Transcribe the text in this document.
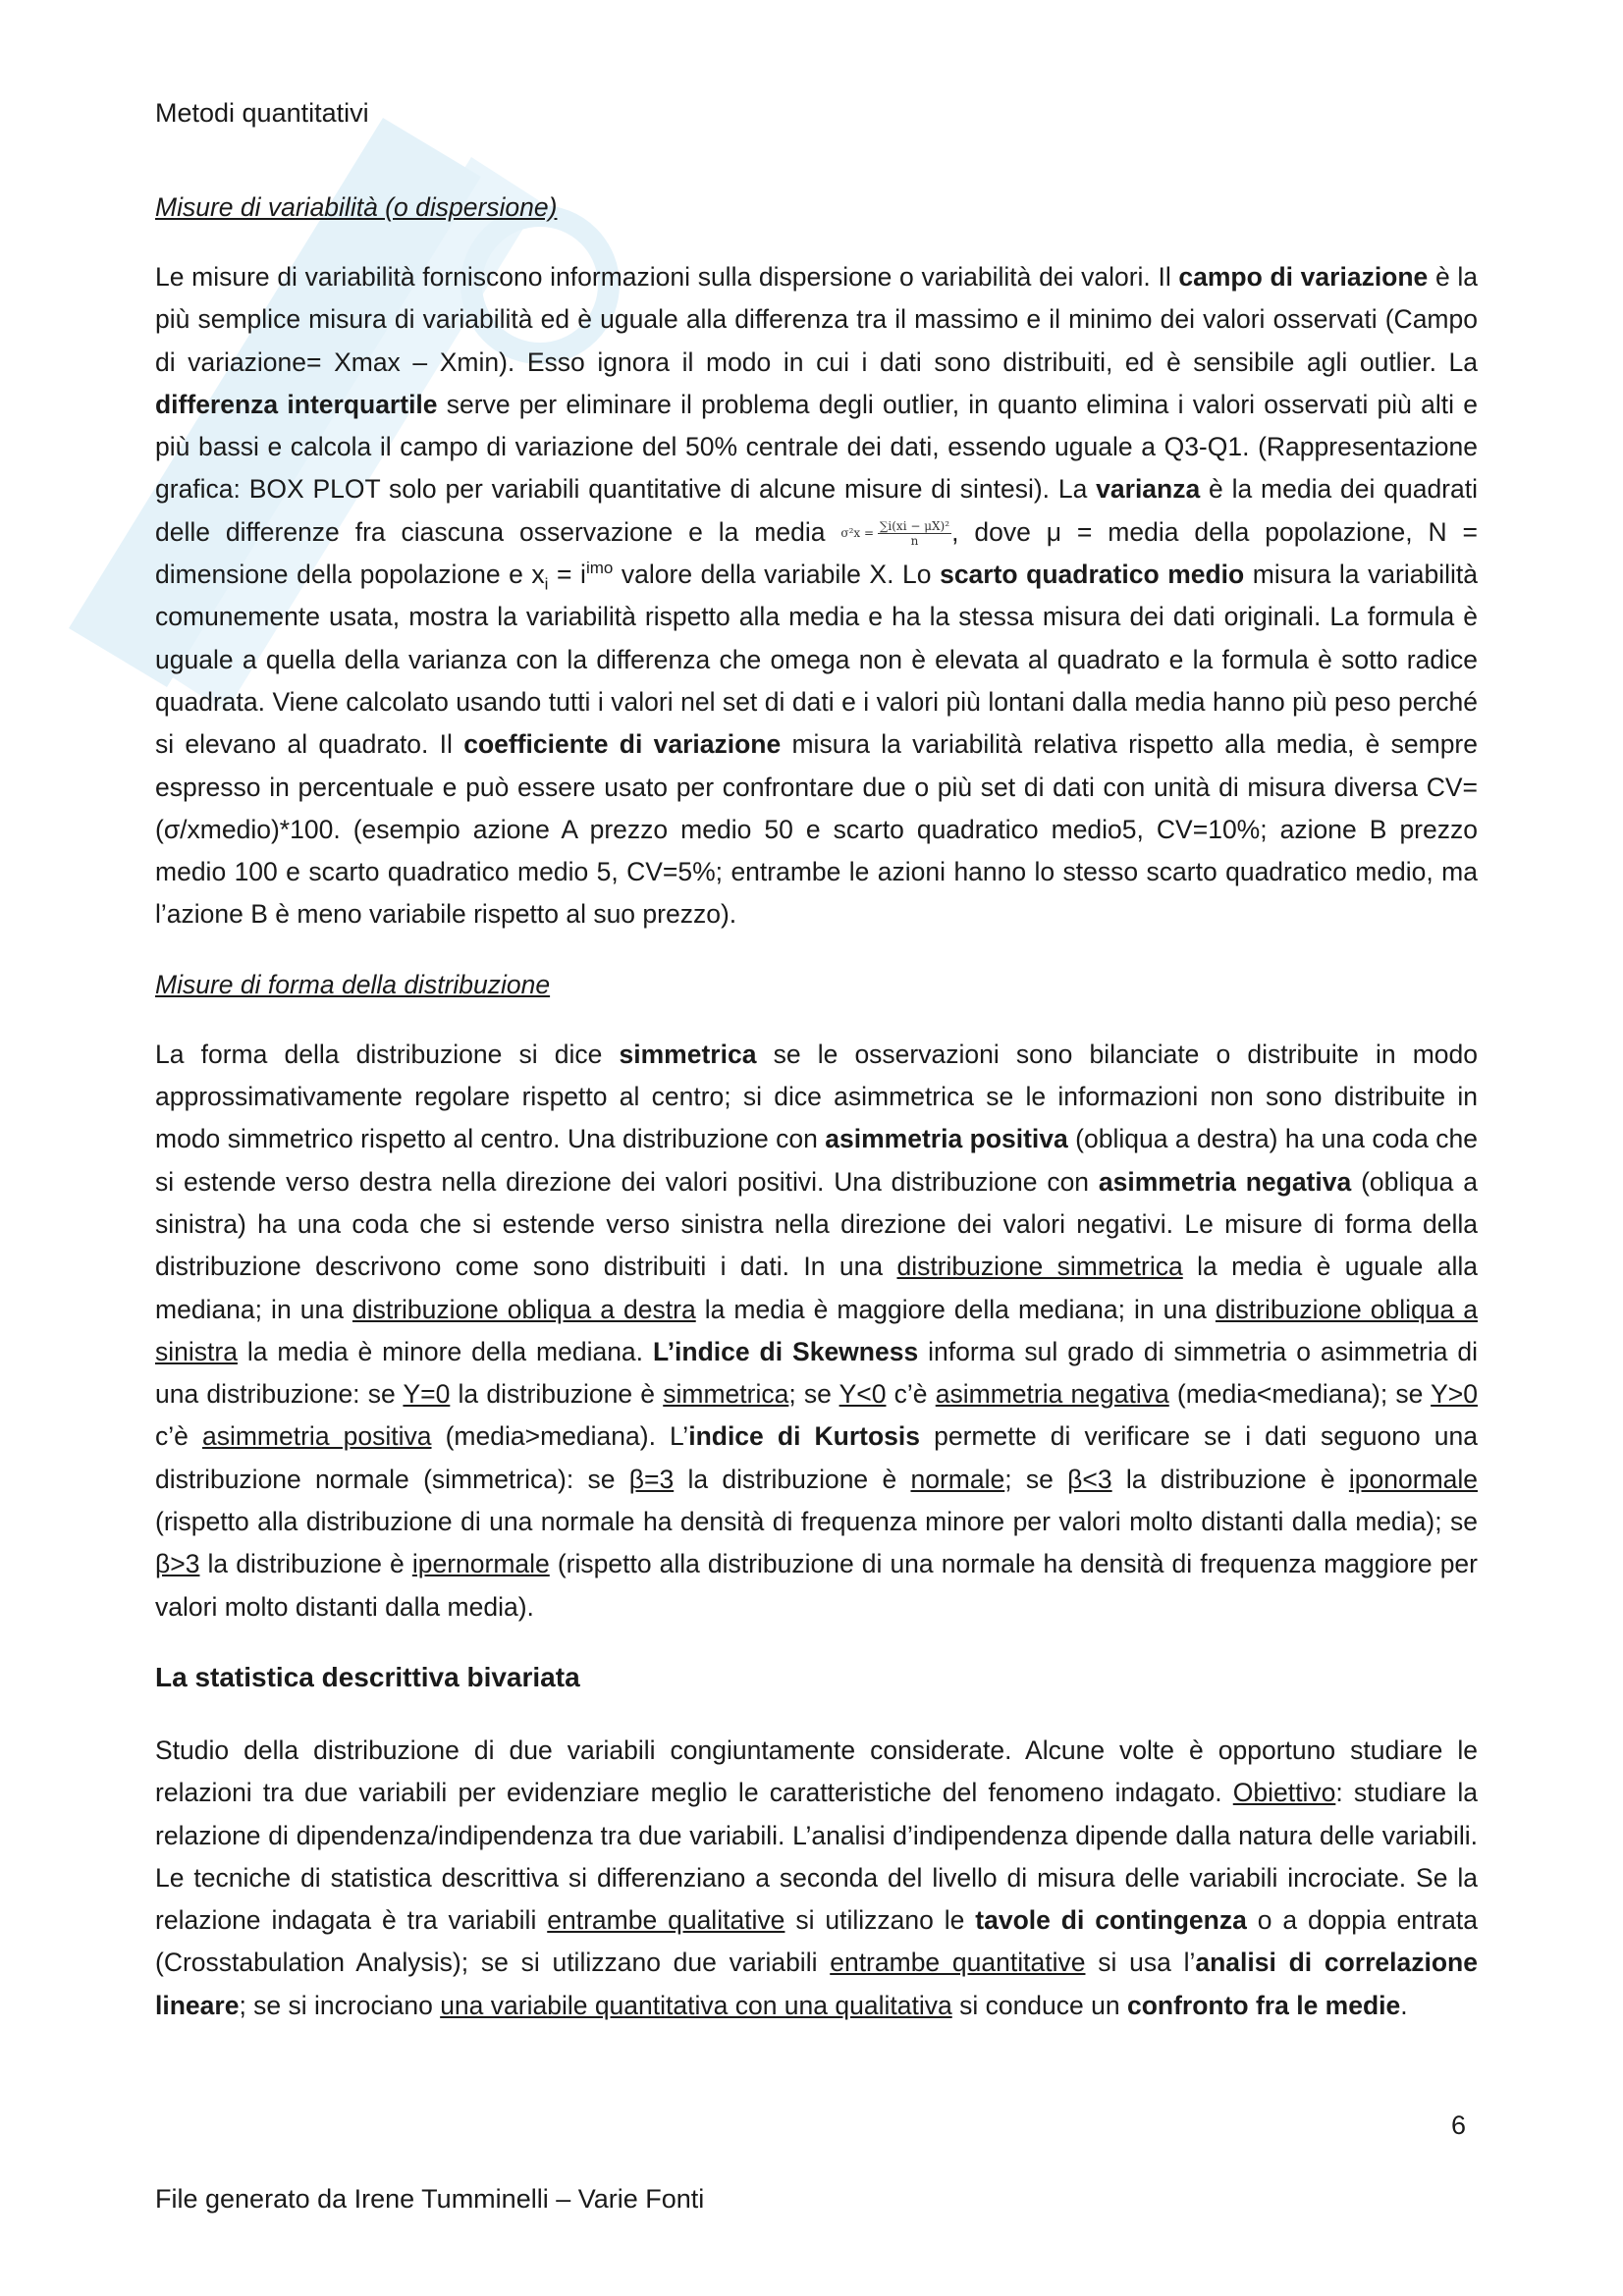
Metodi quantitativi

Misure di variabilità (o dispersione)

Le misure di variabilità forniscono informazioni sulla dispersione o variabilità dei valori. Il campo di variazione è la più semplice misura di variabilità ed è uguale alla differenza tra il massimo e il minimo dei valori osservati (Campo di variazione= Xmax – Xmin). Esso ignora il modo in cui i dati sono distribuiti, ed è sensibile agli outlier. La differenza interquartile serve per eliminare il problema degli outlier, in quanto elimina i valori osservati più alti e più bassi e calcola il campo di variazione del 50% centrale dei dati, essendo uguale a Q3-Q1. (Rappresentazione grafica: BOX PLOT solo per variabili quantitative di alcune misure di sintesi). La varianza è la media dei quadrati delle differenze fra ciascuna osservazione e la media $\sigma^2x = \frac{\text{∑i(xi − μX)²}}{n}$ , dove μ = media della popolazione, N = dimensione della popolazione e $x_i = i^{imo}$ valore della variabile X. Lo scarto quadratico medio misura la variabilità comunemente usata, mostra la variabilità rispetto alla media e ha la stessa misura dei dati originali. La formula è uguale a quella della varianza con la differenza che omega non è elevata al quadrato e la formula è sotto radice quadrata. Viene calcolato usando tutti i valori nel set di dati e i valori più lontani dalla media hanno più peso perché si elevano al quadrato. Il coefficiente di variazione misura la variabilità relativa rispetto alla media, è sempre espresso in percentuale e può essere usato per confrontare due o più set di dati con unità di misura diversa CV= (σ/xmedio)*100. (esempio azione A prezzo medio 50 e scarto quadratico medio5, CV=10%; azione B prezzo medio 100 e scarto quadratico medio 5, CV=5%; entrambe le azioni hanno lo stesso scarto quadratico medio, ma l’azione B è meno variabile rispetto al suo prezzo).

Misure di forma della distribuzione

La forma della distribuzione si dice simmetrica se le osservazioni sono bilanciate o distribuite in modo approssimativamente regolare rispetto al centro; si dice asimmetrica se le informazioni non sono distribuite in modo simmetrico rispetto al centro. Una distribuzione con asimmetria positiva (obliqua a destra) ha una coda che si estende verso destra nella direzione dei valori positivi. Una distribuzione con asimmetria negativa (obliqua a sinistra) ha una coda che si estende verso sinistra nella direzione dei valori negativi. Le misure di forma della distribuzione descrivono come sono distribuiti i dati. In una distribuzione simmetrica la media è uguale alla mediana; in una distribuzione obliqua a destra la media è maggiore della mediana; in una distribuzione obliqua a sinistra la media è minore della mediana. L’indice di Skewness informa sul grado di simmetria o asimmetria di una distribuzione: se Y=0 la distribuzione è simmetrica; se Y<0 c’è asimmetria negativa (media<mediana); se Y>0 c’è asimmetria positiva (media>mediana). L’indice di Kurtosis permette di verificare se i dati seguono una distribuzione normale (simmetrica): se β=3 la distribuzione è normale; se β<3 la distribuzione è iponormale (rispetto alla distribuzione di una normale ha densità di frequenza minore per valori molto distanti dalla media); se β>3 la distribuzione è ipernormale (rispetto alla distribuzione di una normale ha densità di frequenza maggiore per valori molto distanti dalla media).

La statistica descrittiva bivariata

Studio della distribuzione di due variabili congiuntamente considerate. Alcune volte è opportuno studiare le relazioni tra due variabili per evidenziare meglio le caratteristiche del fenomeno indagato. Obiettivo: studiare la relazione di dipendenza/indipendenza tra due variabili. L’analisi d’indipendenza dipende dalla natura delle variabili. Le tecniche di statistica descrittiva si differenziano a seconda del livello di misura delle variabili incrociate. Se la relazione indagata è tra variabili entrambe qualitative si utilizzano le tavole di contingenza o a doppia entrata (Crosstabulation Analysis); se si utilizzano due variabili entrambe quantitative si usa l’analisi di correlazione lineare; se si incrociano una variabile quantitativa con una qualitativa si conduce un confronto fra le medie.

6
File generato da Irene Tumminelli – Varie Fonti
